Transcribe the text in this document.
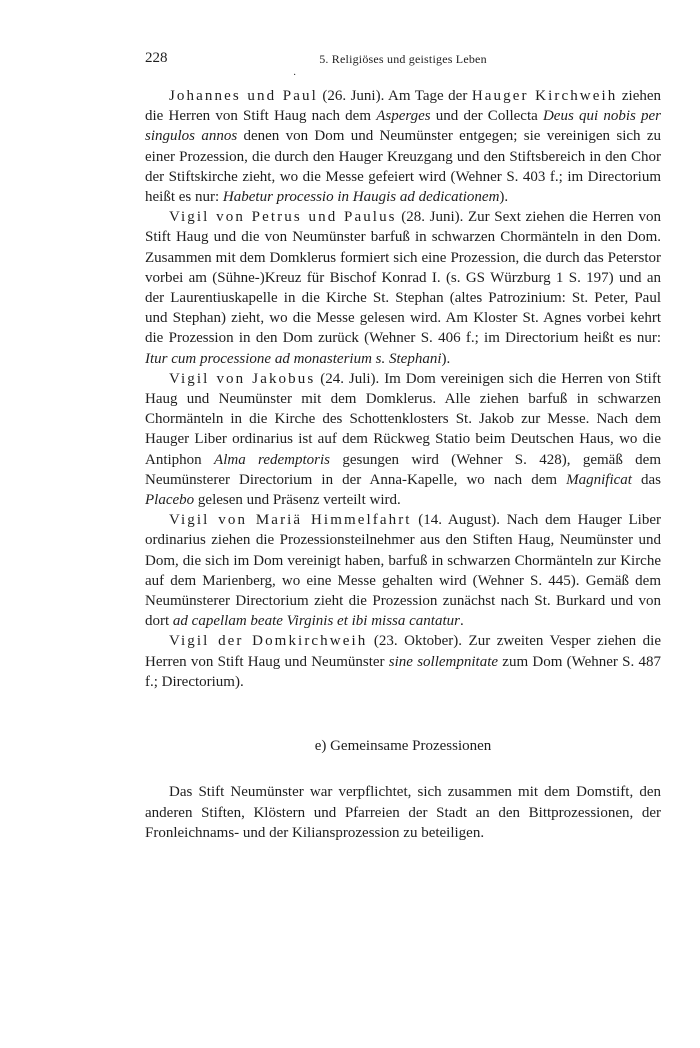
228	5. Religiöses und geistiges Leben
·

Johannes und Paul (26. Juni). Am Tage der Hauger Kirchweih ziehen die Herren von Stift Haug nach dem Asperges und der Collecta Deus qui nobis per singulos annos denen von Dom und Neumünster entgegen; sie vereinigen sich zu einer Prozession, die durch den Hauger Kreuzgang und den Stiftsbereich in den Chor der Stiftskirche zieht, wo die Messe gefeiert wird (Wehner S. 403 f.; im Directorium heißt es nur: Habetur processio in Haugis ad dedicationem).

Vigil von Petrus und Paulus (28. Juni). Zur Sext ziehen die Herren von Stift Haug und die von Neumünster barfuß in schwarzen Chormänteln in den Dom. Zusammen mit dem Domklerus formiert sich eine Prozession, die durch das Peterstor vorbei am (Sühne-)Kreuz für Bischof Konrad I. (s. GS Würzburg 1 S. 197) und an der Laurentiuskapelle in die Kirche St. Stephan (altes Patrozinium: St. Peter, Paul und Stephan) zieht, wo die Messe gelesen wird. Am Kloster St. Agnes vorbei kehrt die Prozession in den Dom zurück (Wehner S. 406 f.; im Directorium heißt es nur: Itur cum processione ad monasterium s. Stephani).

Vigil von Jakobus (24. Juli). Im Dom vereinigen sich die Herren von Stift Haug und Neumünster mit dem Domklerus. Alle ziehen barfuß in schwarzen Chormänteln in die Kirche des Schottenklosters St. Jakob zur Messe. Nach dem Hauger Liber ordinarius ist auf dem Rückweg Statio beim Deutschen Haus, wo die Antiphon Alma redemptoris gesungen wird (Wehner S. 428), gemäß dem Neumünsterer Directorium in der Anna-Kapelle, wo nach dem Magnificat das Placebo gelesen und Präsenz verteilt wird.

Vigil von Mariä Himmelfahrt (14. August). Nach dem Hauger Liber ordinarius ziehen die Prozessionsteilnehmer aus den Stiften Haug, Neumünster und Dom, die sich im Dom vereinigt haben, barfuß in schwarzen Chormänteln zur Kirche auf dem Marienberg, wo eine Messe gehalten wird (Wehner S. 445). Gemäß dem Neumünsterer Directorium zieht die Prozession zunächst nach St. Burkard und von dort ad capellam beate Virginis et ibi missa cantatur.

Vigil der Domkirchweih (23. Oktober). Zur zweiten Vesper ziehen die Herren von Stift Haug und Neumünster sine sollempnitate zum Dom (Wehner S. 487 f.; Directorium).

e) Gemeinsame Prozessionen

Das Stift Neumünster war verpflichtet, sich zusammen mit dem Domstift, den anderen Stiften, Klöstern und Pfarreien der Stadt an den Bittprozessionen, der Fronleichnams- und der Kiliansprozession zu beteiligen.
